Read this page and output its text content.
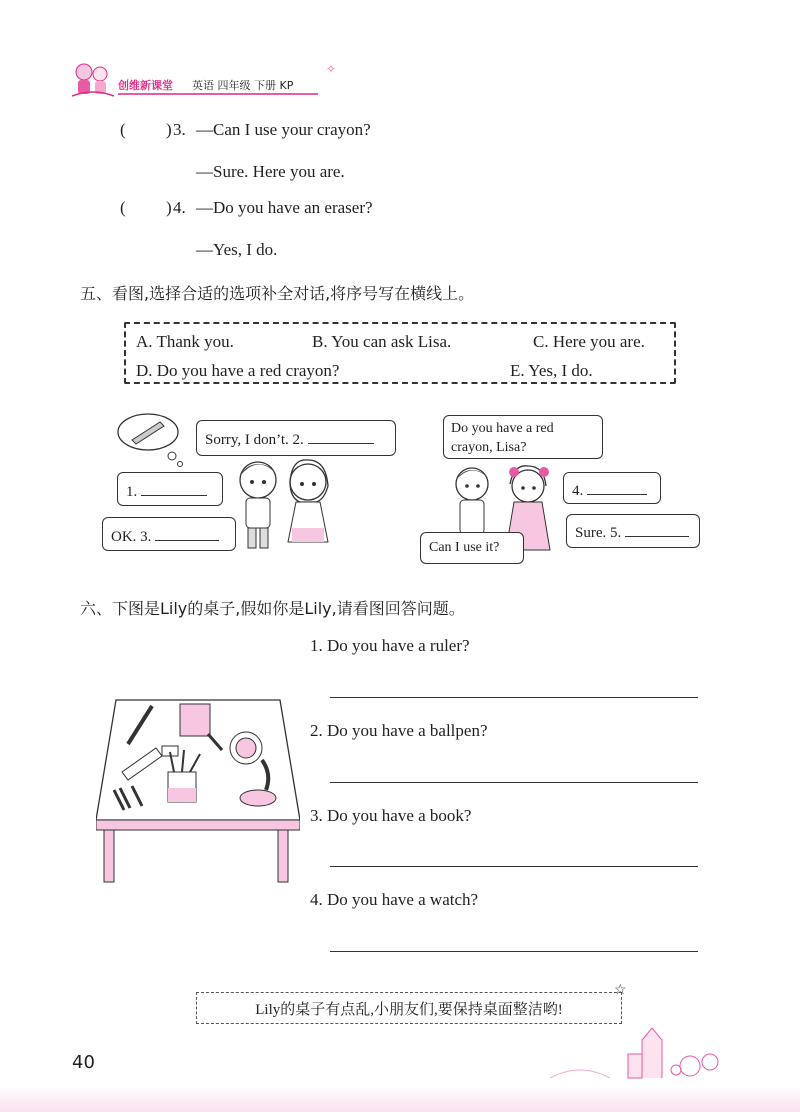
创维新课堂 英语 四年级 下册 KP
✧
( ) 3. —Can I use your crayon?
—Sure. Here you are.
( ) 4. —Do you have an eraser?
—Yes, I do.
五、看图,选择合适的选项补全对话,将序号写在横线上。
A. Thank you.	B. You can ask Lisa.	C. Here you are.
D. Do you have a red crayon?	E. Yes, I do.
Sorry, I don’t. 2.
1.
OK. 3.
Do you have a red crayon, Lisa?
4.
Sure. 5.
Can I use it?
六、下图是Lily的桌子,假如你是Lily,请看图回答问题。
1. Do you have a ruler?
2. Do you have a ballpen?
3. Do you have a book?
4. Do you have a watch?
Lily的桌子有点乱,小朋友们,要保持桌面整洁哟!
☆
40
